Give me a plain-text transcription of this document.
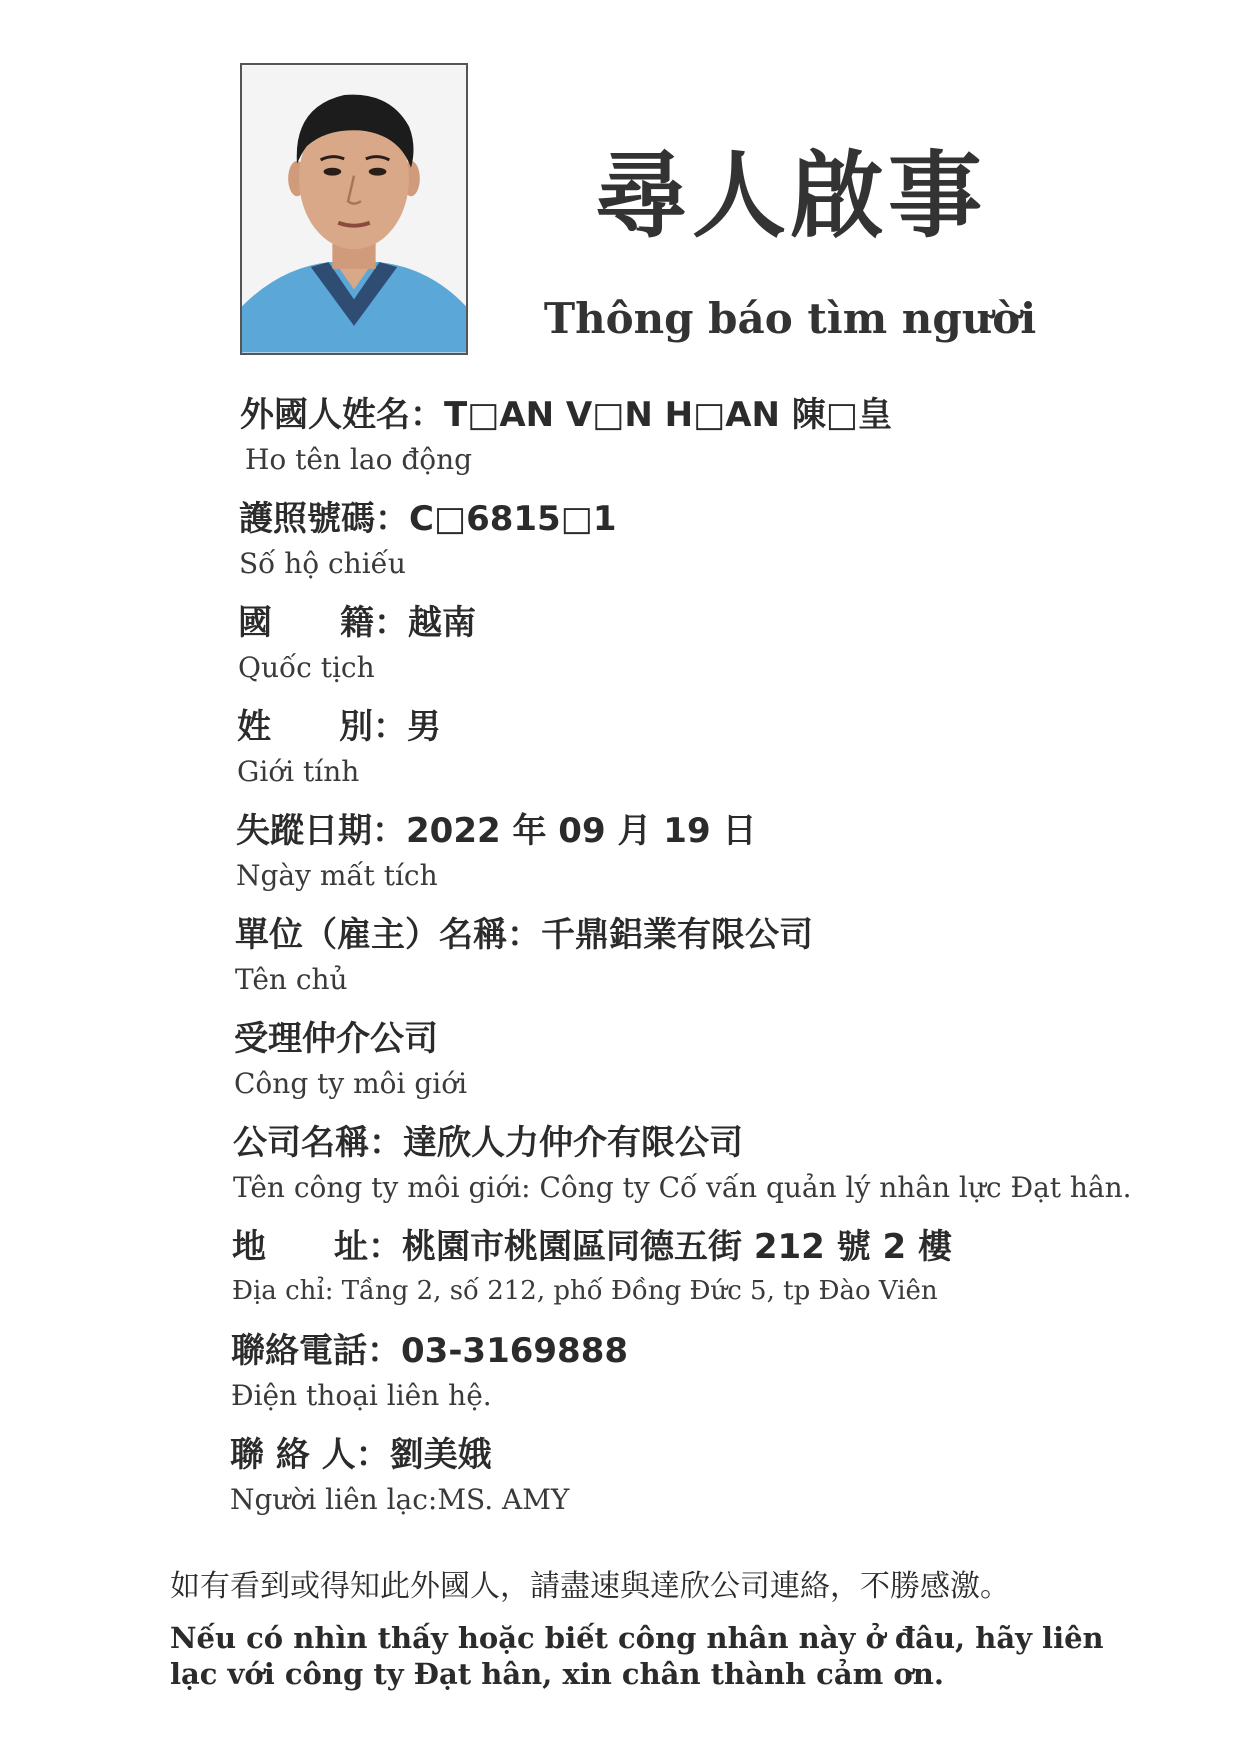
尋人啟事
Thông báo tìm người
外國人姓名：T□AN V□N H□AN 陳□皇
Ho tên lao động
護照號碼：C□6815□1
Số hộ chiếu
國　　籍：越南
Quốc tịch
姓　　別：男
Giới tính
失蹤日期：2022 年 09 月 19 日
Ngày mất tích
單位（雇主）名稱：千鼎鋁業有限公司
Tên chủ
受理仲介公司
Công ty môi giới
公司名稱：達欣人力仲介有限公司
Tên công ty môi giới: Công ty Cố vấn quản lý nhân lực Đạt hân.
地　　址：桃園市桃園區同德五街 212 號 2 樓
Địa chỉ: Tầng 2, số 212, phố Đồng Đức 5, tp Đào Viên
聯絡電話：03-3169888
Điện thoại liên hệ.
聯 絡 人：劉美娥
Người liên lạc:MS. AMY
如有看到或得知此外國人，請盡速與達欣公司連絡，不勝感激。
Nếu có nhìn thấy hoặc biết công nhân này ở đâu, hãy liên lạc với công ty Đạt hân, xin chân thành cảm ơn.
